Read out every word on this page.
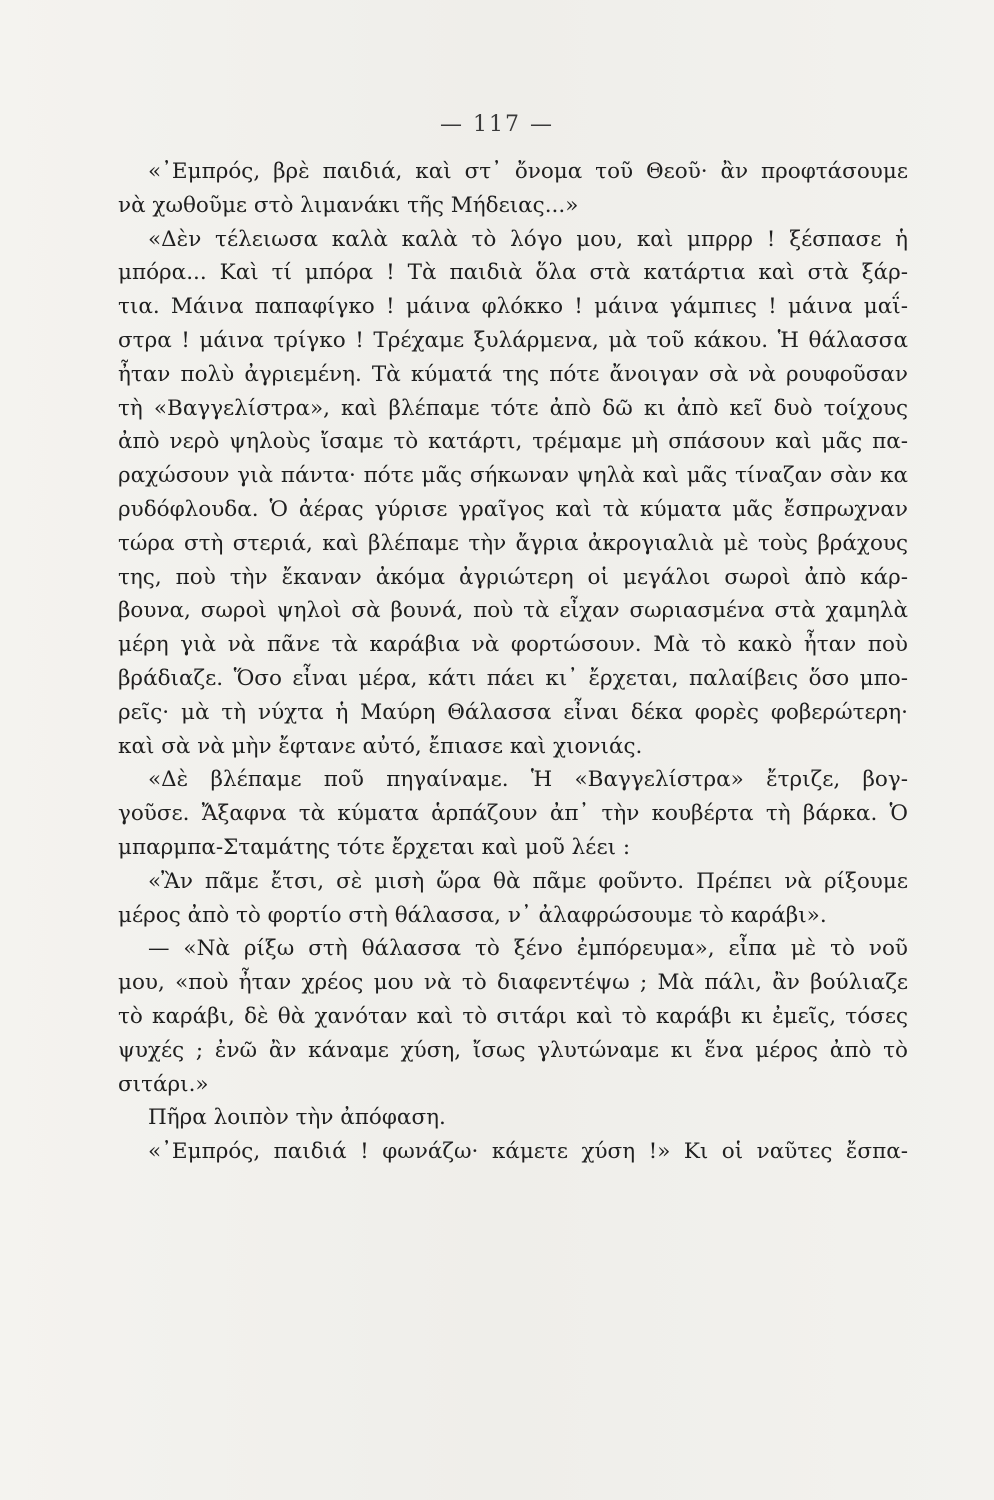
— 117 —
«᾿Εμπρός, βρὲ παιδιά, καὶ στ᾿ ὄνομα τοῦ Θεοῦ· ἂν προφτάσουμε
νὰ χωθοῦμε στὸ λιμανάκι τῆς Μήδειας...»
«Δὲν τέλειωσα καλὰ καλὰ τὸ λόγο μου, καὶ μπρρρ ! ξέσπασε ἡ
μπόρα... Καὶ τί μπόρα ! Τὰ παιδιὰ ὅλα στὰ κατάρτια καὶ στὰ ξάρ-
τια. Μάινα παπαφίγκο ! μάινα φλόκκο ! μάινα γάμπιες ! μάινα μαΐ-
στρα ! μάινα τρίγκο ! Τρέχαμε ξυλάρμενα, μὰ τοῦ κάκου. Ἡ θάλασσα
ἦταν πολὺ ἀγριεμένη. Τὰ κύματά της πότε ἄνοιγαν σὰ νὰ ρουφοῦσαν
τὴ «Βαγγελίστρα», καὶ βλέπαμε τότε ἀπὸ δῶ κι ἀπὸ κεῖ δυὸ τοίχους
ἀπὸ νερὸ ψηλοὺς ἴσαμε τὸ κατάρτι, τρέμαμε μὴ σπάσουν καὶ μᾶς πα-
ραχώσουν γιὰ πάντα· πότε μᾶς σήκωναν ψηλὰ καὶ μᾶς τίναζαν σὰν κα
ρυδόφλουδα. Ὁ ἀέρας γύρισε γραῖγος καὶ τὰ κύματα μᾶς ἔσπρωχναν
τώρα στὴ στεριά, καὶ βλέπαμε τὴν ἄγρια ἀκρογιαλιὰ μὲ τοὺς βράχους
της, ποὺ τὴν ἔκαναν ἀκόμα ἀγριώτερη οἱ μεγάλοι σωροὶ ἀπὸ κάρ-
βουνα, σωροὶ ψηλοὶ σὰ βουνά, ποὺ τὰ εἶχαν σωριασμένα στὰ χαμηλὰ
μέρη γιὰ νὰ πᾶνε τὰ καράβια νὰ φορτώσουν. Μὰ τὸ κακὸ ἦταν ποὺ
βράδιαζε. Ὅσο εἶναι μέρα, κάτι πάει κι᾿ ἔρχεται, παλαίβεις ὅσο μπο-
ρεῖς· μὰ τὴ νύχτα ἡ Μαύρη Θάλασσα εἶναι δέκα φορὲς φοβερώτερη·
καὶ σὰ νὰ μὴν ἔφτανε αὐτό, ἔπιασε καὶ χιονιάς.
«Δὲ βλέπαμε ποῦ πηγαίναμε. Ἡ «Βαγγελίστρα» ἔτριζε, βογ-
γοῦσε. Ἄξαφνα τὰ κύματα ἁρπάζουν ἀπ᾿ τὴν κουβέρτα τὴ βάρκα. Ὁ
μπαρμπα-Σταμάτης τότε ἔρχεται καὶ μοῦ λέει :
«Ἂν πᾶμε ἔτσι, σὲ μισὴ ὥρα θὰ πᾶμε φοῦντο. Πρέπει νὰ ρίξουμε
μέρος ἀπὸ τὸ φορτίο στὴ θάλασσα, ν᾿ ἀλαφρώσουμε τὸ καράβι».
— «Νὰ ρίξω στὴ θάλασσα τὸ ξένο ἐμπόρευμα», εἶπα μὲ τὸ νοῦ
μου, «ποὺ ἦταν χρέος μου νὰ τὸ διαφεντέψω ; Μὰ πάλι, ἂν βούλιαζε
τὸ καράβι, δὲ θὰ χανόταν καὶ τὸ σιτάρι καὶ τὸ καράβι κι ἐμεῖς, τόσες
ψυχές ; ἐνῶ ἂν κάναμε χύση, ἴσως γλυτώναμε κι ἕνα μέρος ἀπὸ τὸ
σιτάρι.»
Πῆρα λοιπὸν τὴν ἀπόφαση.
«᾿Εμπρός, παιδιά ! φωνάζω· κάμετε χύση !» Κι οἱ ναῦτες ἔσπα-
